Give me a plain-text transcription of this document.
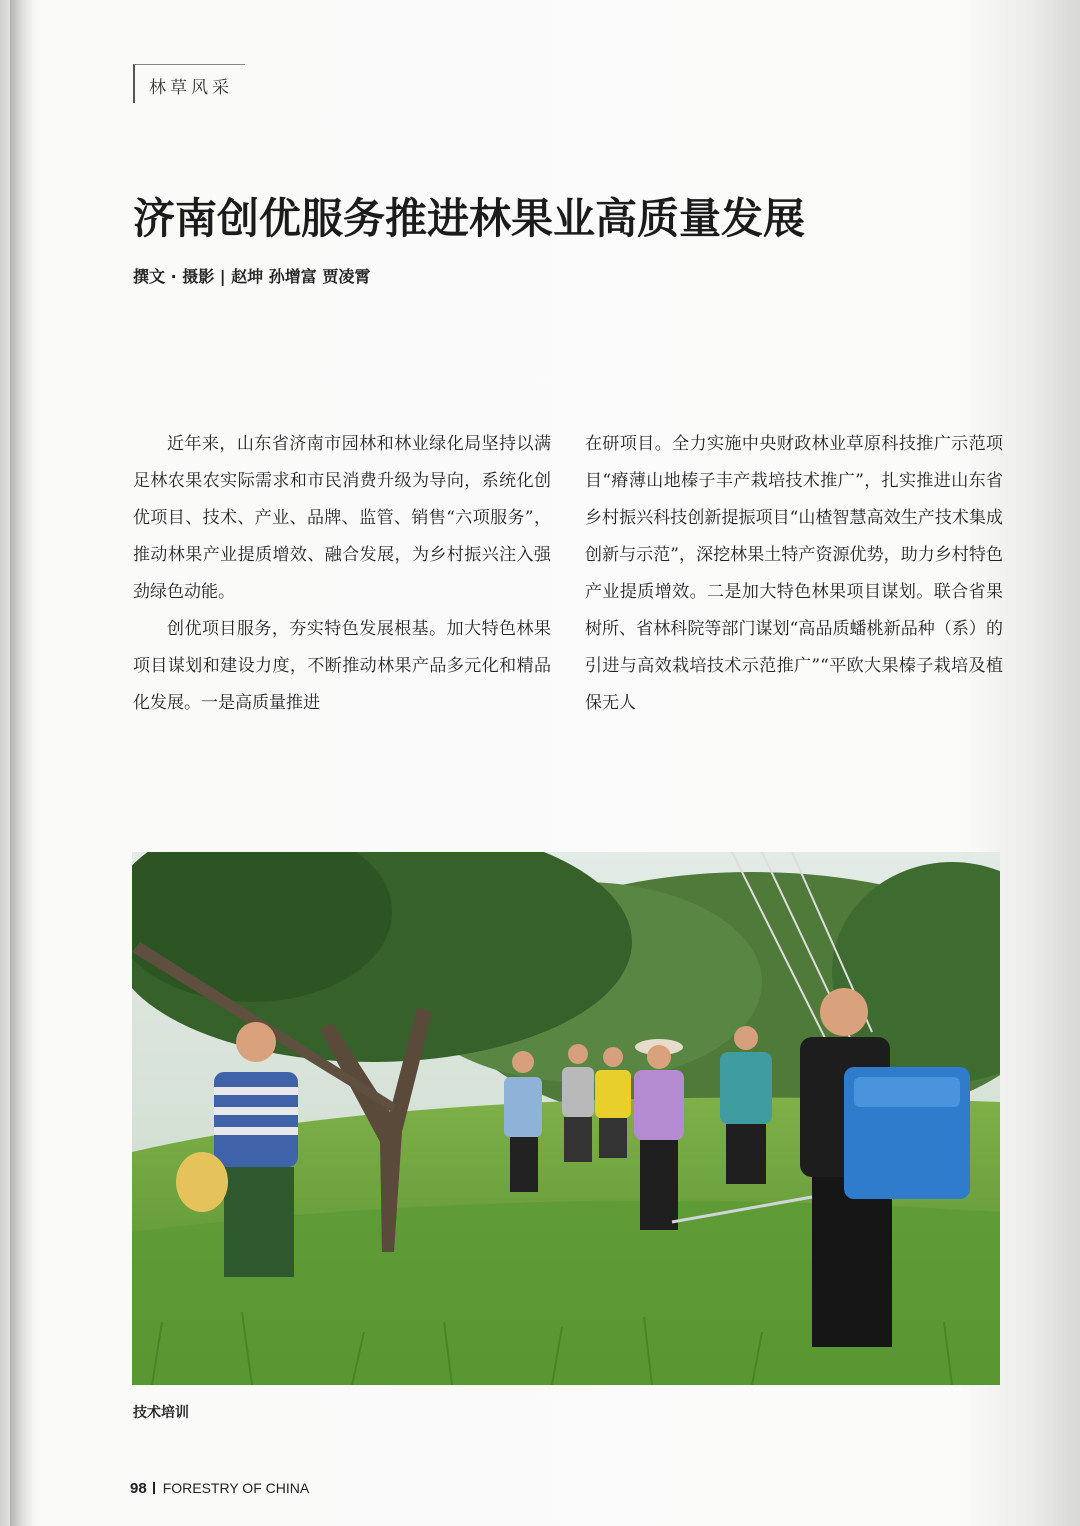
林草风采
济南创优服务推进林果业高质量发展
撰文 · 摄影 | 赵坤 孙增富 贾凌霄

近年来，山东省济南市园林和林业绿化局坚持以满足林农果农实际需求和市民消费升级为导向，系统化创优项目、技术、产业、品牌、监管、销售“六项服务”，推动林果产业提质增效、融合发展，为乡村振兴注入强劲绿色动能。

创优项目服务，夯实特色发展根基。加大特色林果项目谋划和建设力度，不断推动林果产品多元化和精品化发展。一是高质量推进

在研项目。全力实施中央财政林业草原科技推广示范项目“瘠薄山地榛子丰产栽培技术推广”，扎实推进山东省乡村振兴科技创新提振项目“山楂智慧高效生产技术集成创新与示范”，深挖林果土特产资源优势，助力乡村特色产业提质增效。二是加大特色林果项目谋划。联合省果树所、省林科院等部门谋划“高品质蟠桃新品种（系）的引进与高效栽培技术示范推广”“平欧大果榛子栽培及植保无人

技术培训
98 FORESTRY OF CHINA
